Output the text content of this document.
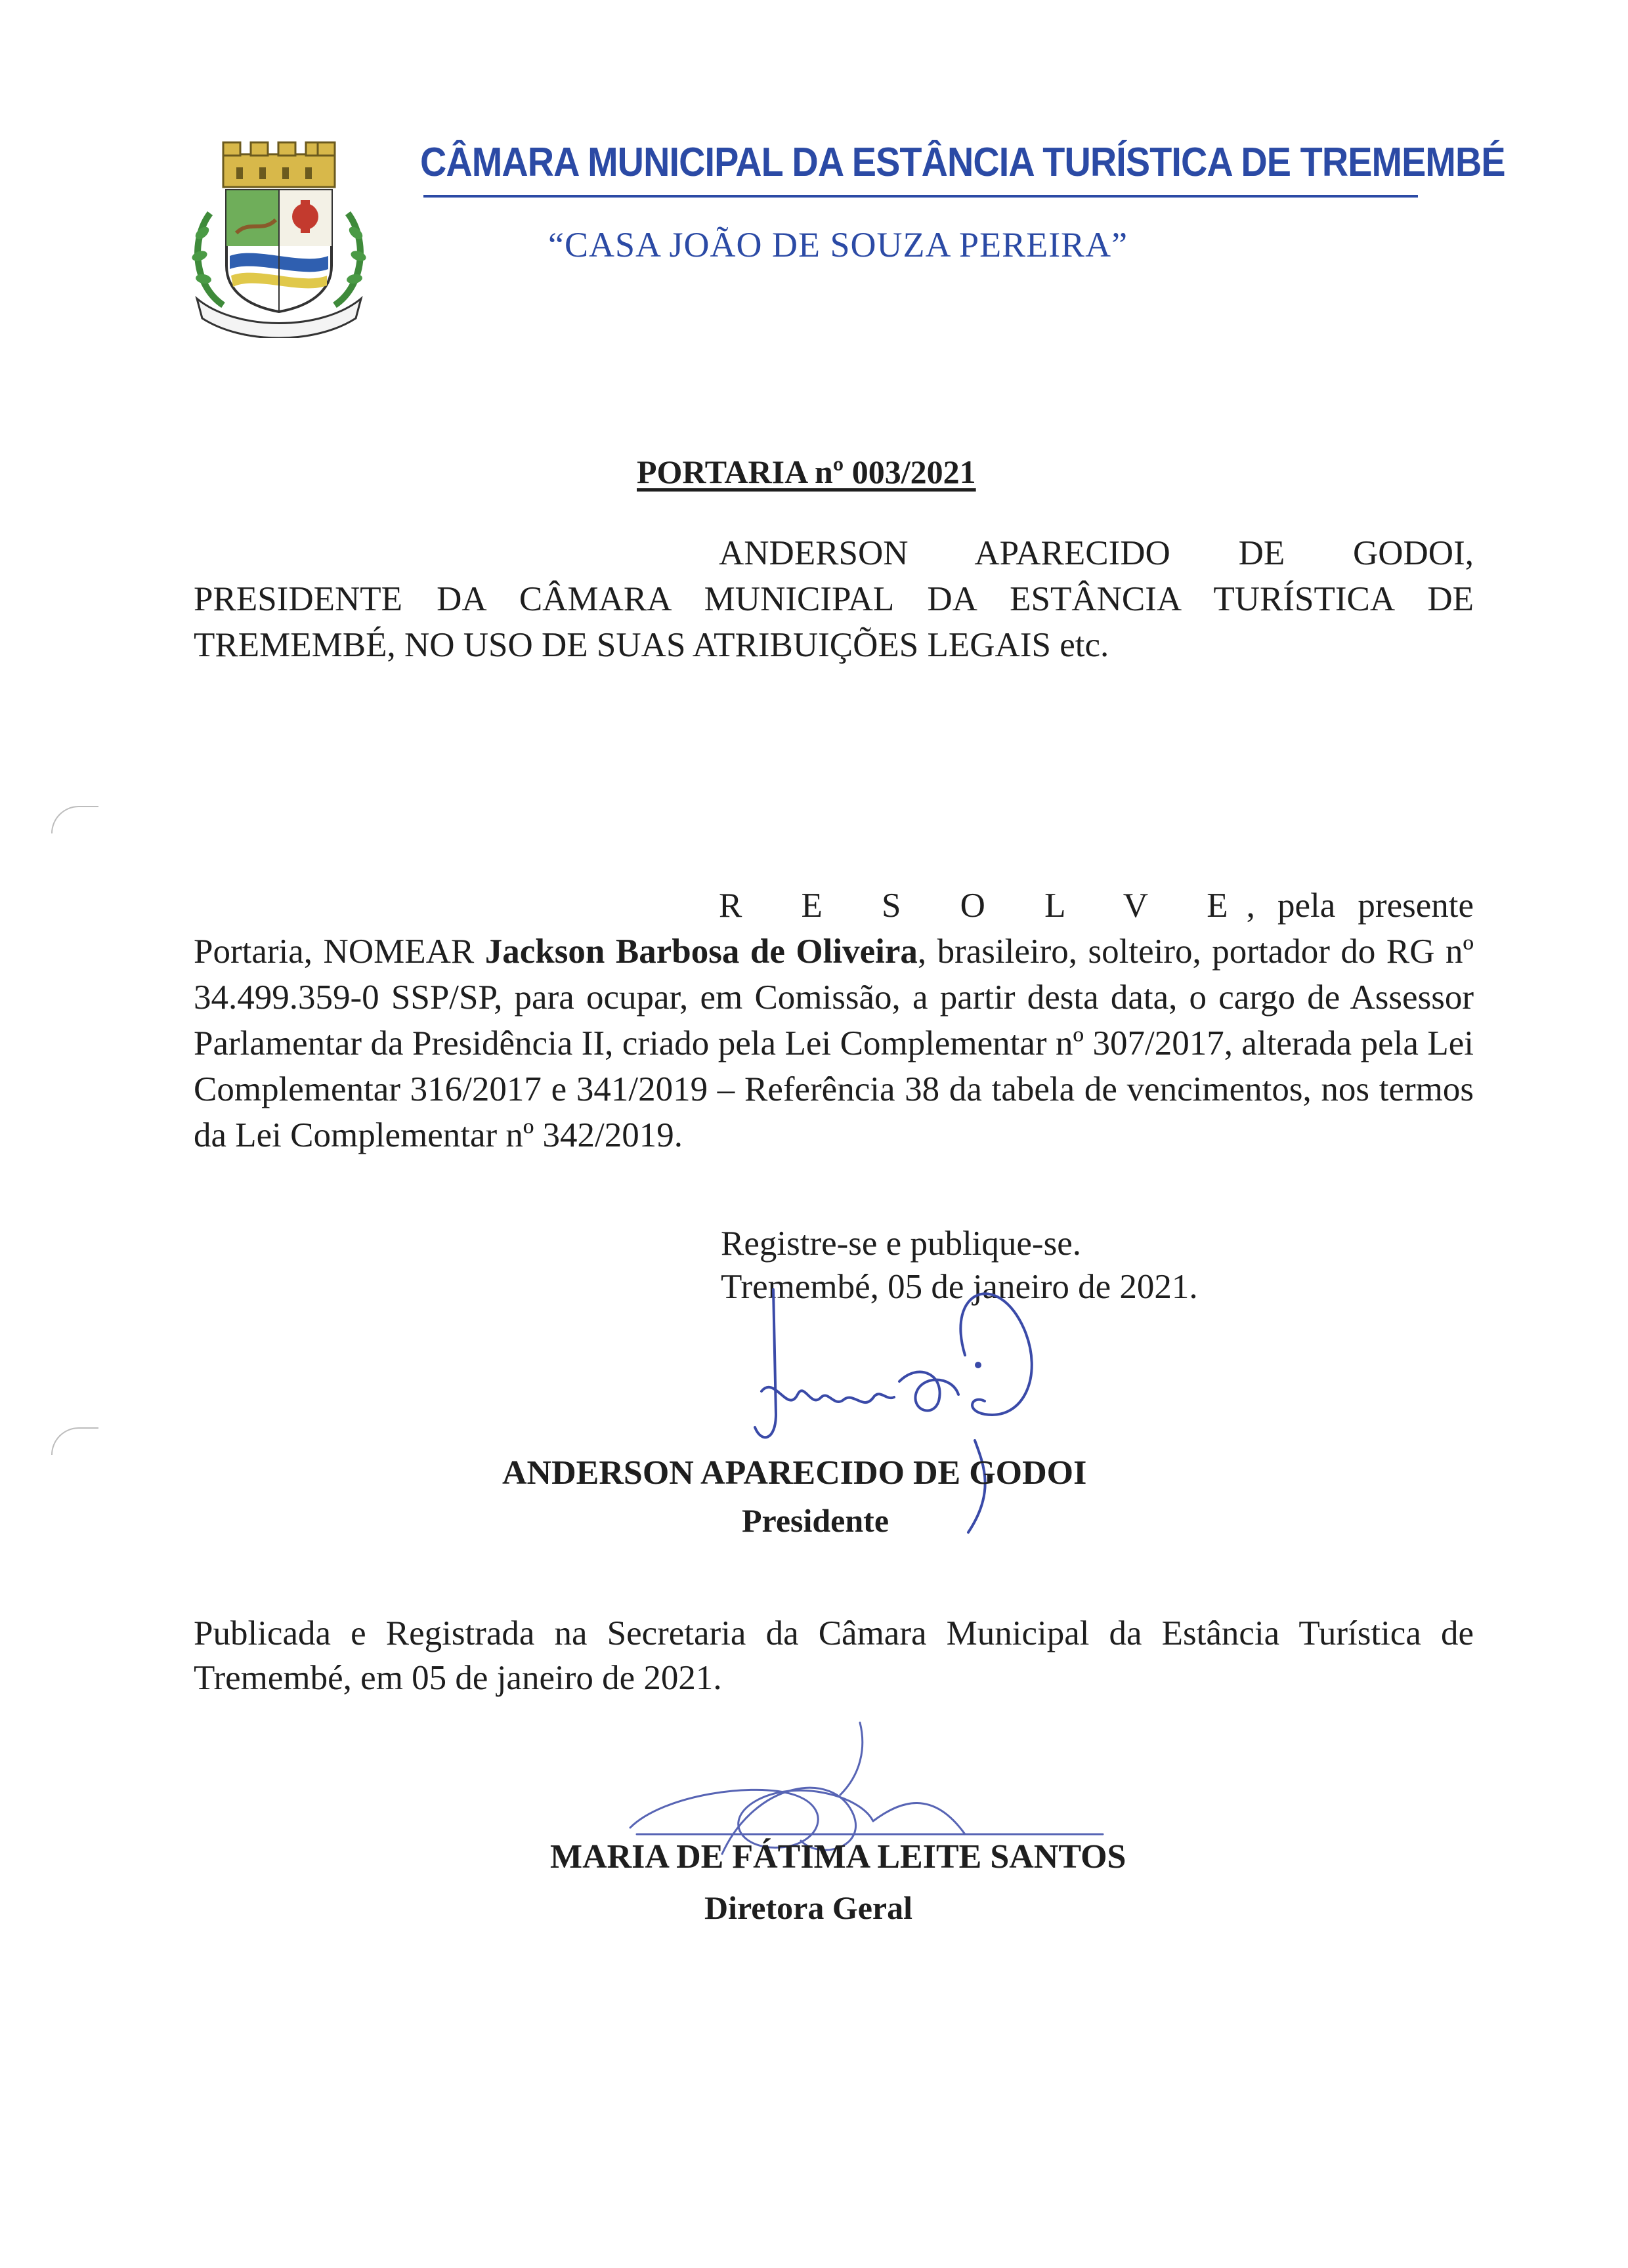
CÂMARA MUNICIPAL DA ESTÂNCIA TURÍSTICA DE TREMEMBÉ
“CASA JOÃO DE SOUZA PEREIRA”
PORTARIA nº 003/2021

ANDERSON APARECIDO DE GODOI, PRESIDENTE DA CÂMARA MUNICIPAL DA ESTÂNCIA TURÍSTICA DE TREMEMBÉ, NO USO DE SUAS ATRIBUIÇÕES LEGAIS etc.

R E S O L V E, pela presente Portaria, NOMEAR Jackson Barbosa de Oliveira, brasileiro, solteiro, portador do RG nº 34.499.359-0 SSP/SP, para ocupar, em Comissão, a partir desta data, o cargo de Assessor Parlamentar da Presidência II, criado pela Lei Complementar nº 307/2017, alterada pela Lei Complementar 316/2017 e 341/2019 – Referência 38 da tabela de vencimentos, nos termos da Lei Complementar nº 342/2019.

Registre-se e publique-se.
Tremembé, 05 de janeiro de 2021.
ANDERSON APARECIDO DE GODOI
Presidente

Publicada e Registrada na Secretaria da Câmara Municipal da Estância Turística de Tremembé, em 05 de janeiro de 2021.

MARIA DE FÁTIMA LEITE SANTOS
Diretora Geral
